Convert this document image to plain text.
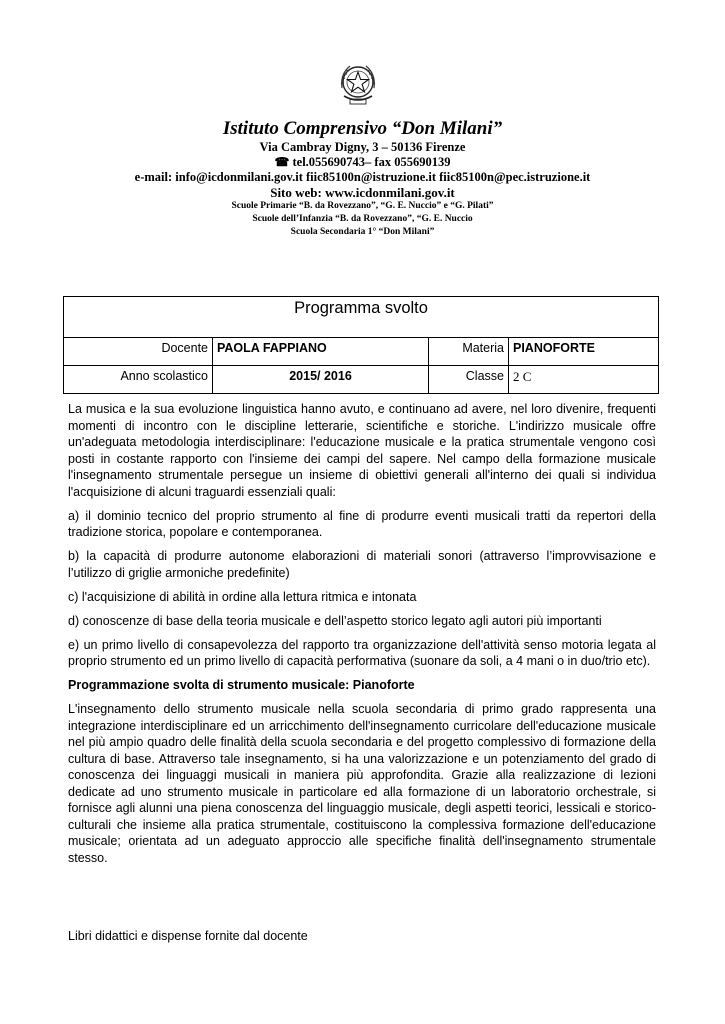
Istituto Comprensivo “Don Milani”

Via Cambray Digny, 3 – 50136 Firenze

☎ tel.055690743– fax 055690139

e-mail: info@icdonmilani.gov.it fiic85100n@istruzione.it fiic85100n@pec.istruzione.it

Sito web: www.icdonmilani.gov.it

Scuole Primarie “B. da Rovezzano”, “G. E. Nuccio” e “G. Pilati”

Scuole dell’Infanzia “B. da Rovezzano”, “G. E. Nuccio

Scuola Secondaria 1° “Don Milani”

Programma svolto			
Docente	PAOLA FAPPIANO	Materia	PIANOFORTE
Anno scolastico	2015/ 2016	Classe	2 C

La musica e la sua evoluzione linguistica hanno avuto, e continuano ad avere, nel loro divenire, frequenti momenti di incontro con le discipline letterarie, scientifiche e storiche. L'indirizzo musicale offre un'adeguata metodologia interdisciplinare: l'educazione musicale e la pratica strumentale vengono così posti in costante rapporto con l'insieme dei campi del sapere. Nel campo della formazione musicale l'insegnamento strumentale persegue un insieme di obiettivi generali all'interno dei quali si individua l'acquisizione di alcuni traguardi essenziali quali:

a) il dominio tecnico del proprio strumento al fine di produrre eventi musicali tratti da repertori della tradizione storica, popolare e contemporanea.

b) la capacità di produrre autonome elaborazioni di materiali sonori (attraverso l’improvvisazione e l’utilizzo di griglie armoniche predefinite)

c) l'acquisizione di abilità in ordine alla lettura ritmica e intonata

d) conoscenze di base della teoria musicale e dell’aspetto storico legato agli autori più importanti

e) un primo livello di consapevolezza del rapporto tra organizzazione dell'attività senso motoria legata al proprio strumento ed un primo livello di capacità performativa (suonare da soli, a 4 mani o in duo/trio etc).

Programmazione svolta di strumento musicale: Pianoforte

L'insegnamento dello strumento musicale nella scuola secondaria di primo grado rappresenta una integrazione interdisciplinare ed un arricchimento dell'insegnamento curricolare dell'educazione musicale nel più ampio quadro delle finalità della scuola secondaria e del progetto complessivo di formazione della cultura di base. Attraverso tale insegnamento, si ha una valorizzazione e un potenziamento del grado di conoscenza dei linguaggi musicali in maniera più approfondita. Grazie alla realizzazione di lezioni dedicate ad uno strumento musicale in particolare ed alla formazione di un laboratorio orchestrale, si fornisce agli alunni una piena conoscenza del linguaggio musicale, degli aspetti teorici, lessicali e storico-culturali che insieme alla pratica strumentale, costituiscono la complessiva formazione dell'educazione musicale; orientata ad un adeguato approccio alle specifiche finalità dell'insegnamento strumentale stesso.

Libri didattici e dispense fornite dal docente
